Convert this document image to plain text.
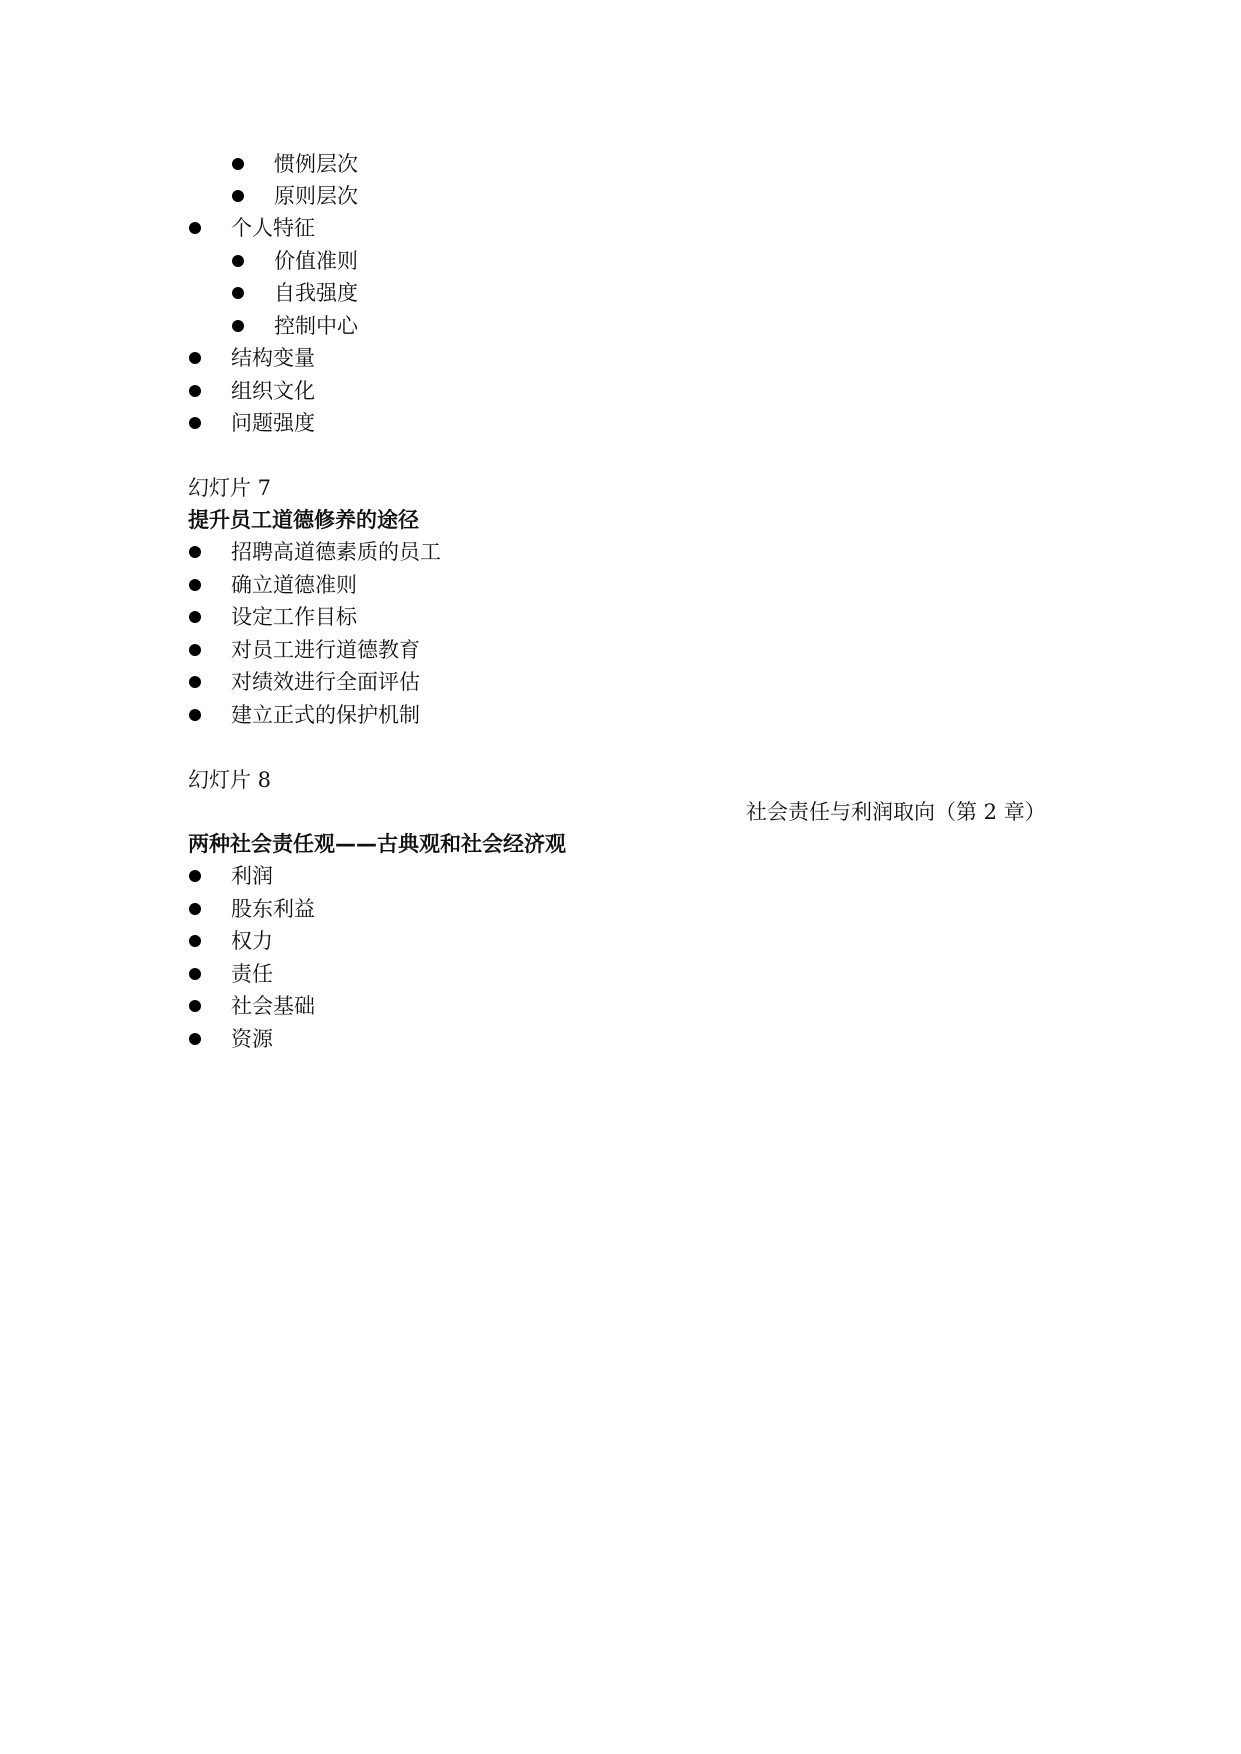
惯例层次
原则层次
个人特征
价值准则
自我强度
控制中心
结构变量
组织文化
问题强度
幻灯片 7
提升员工道德修养的途径
招聘高道德素质的员工
确立道德准则
设定工作目标
对员工进行道德教育
对绩效进行全面评估
建立正式的保护机制
幻灯片 8
社会责任与利润取向（第 2 章）
两种社会责任观——古典观和社会经济观
利润
股东利益
权力
责任
社会基础
资源
